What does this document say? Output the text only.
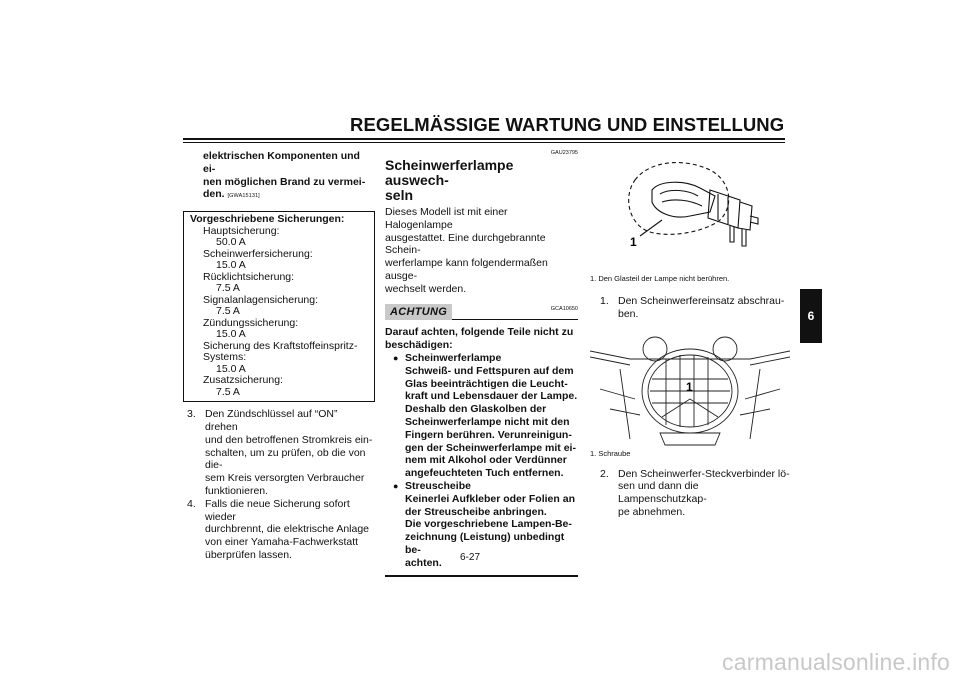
REGELMÄSSIGE WARTUNG UND EINSTELLUNG
6
elektrischen Komponenten und ei-
nen möglichen Brand zu vermei-
den. [GWA15131]
Vorgeschriebene Sicherungen:
Hauptsicherung:
50.0 A
Scheinwerfersicherung:
15.0 A
Rücklichtsicherung:
7.5 A
Signalanlagensicherung:
7.5 A
Zündungssicherung:
15.0 A
Sicherung des Kraftstoffeinspritz-
Systems:
15.0 A
Zusatzsicherung:
7.5 A
3. Den Zündschlüssel auf “ON” drehen
und den betroffenen Stromkreis ein-
schalten, um zu prüfen, ob die von die-
sem Kreis versorgten Verbraucher
funktionieren.
4. Falls die neue Sicherung sofort wieder
durchbrennt, die elektrische Anlage
von einer Yamaha-Fachwerkstatt
überprüfen lassen.
GAU23795
Scheinwerferlampe auswech-
seln
Dieses Modell ist mit einer Halogenlampe
ausgestattet. Eine durchgebrannte Schein-
werferlampe kann folgendermaßen ausge-
wechselt werden.
ACHTUNG	GCA10650
Darauf achten, folgende Teile nicht zu
beschädigen:
● Scheinwerferlampe
Schweiß- und Fettspuren auf dem
Glas beeinträchtigen die Leucht-
kraft und Lebensdauer der Lampe.
Deshalb den Glaskolben der
Scheinwerferlampe nicht mit den
Fingern berühren. Verunreinigun-
gen der Scheinwerferlampe mit ei-
nem mit Alkohol oder Verdünner
angefeuchteten Tuch entfernen.
● Streuscheibe
Keinerlei Aufkleber oder Folien an
der Streuscheibe anbringen.
Die vorgeschriebene Lampen-Be-
zeichnung (Leistung) unbedingt be-
achten.
1
1. Den Glasteil der Lampe nicht berühren.
1. Den Scheinwerfereinsatz abschrau-
ben.
1
1. Schraube
2. Den Scheinwerfer-Steckverbinder lö-
sen und dann die Lampenschutzkap-
pe abnehmen.
6-27
carmanualsonline.info
